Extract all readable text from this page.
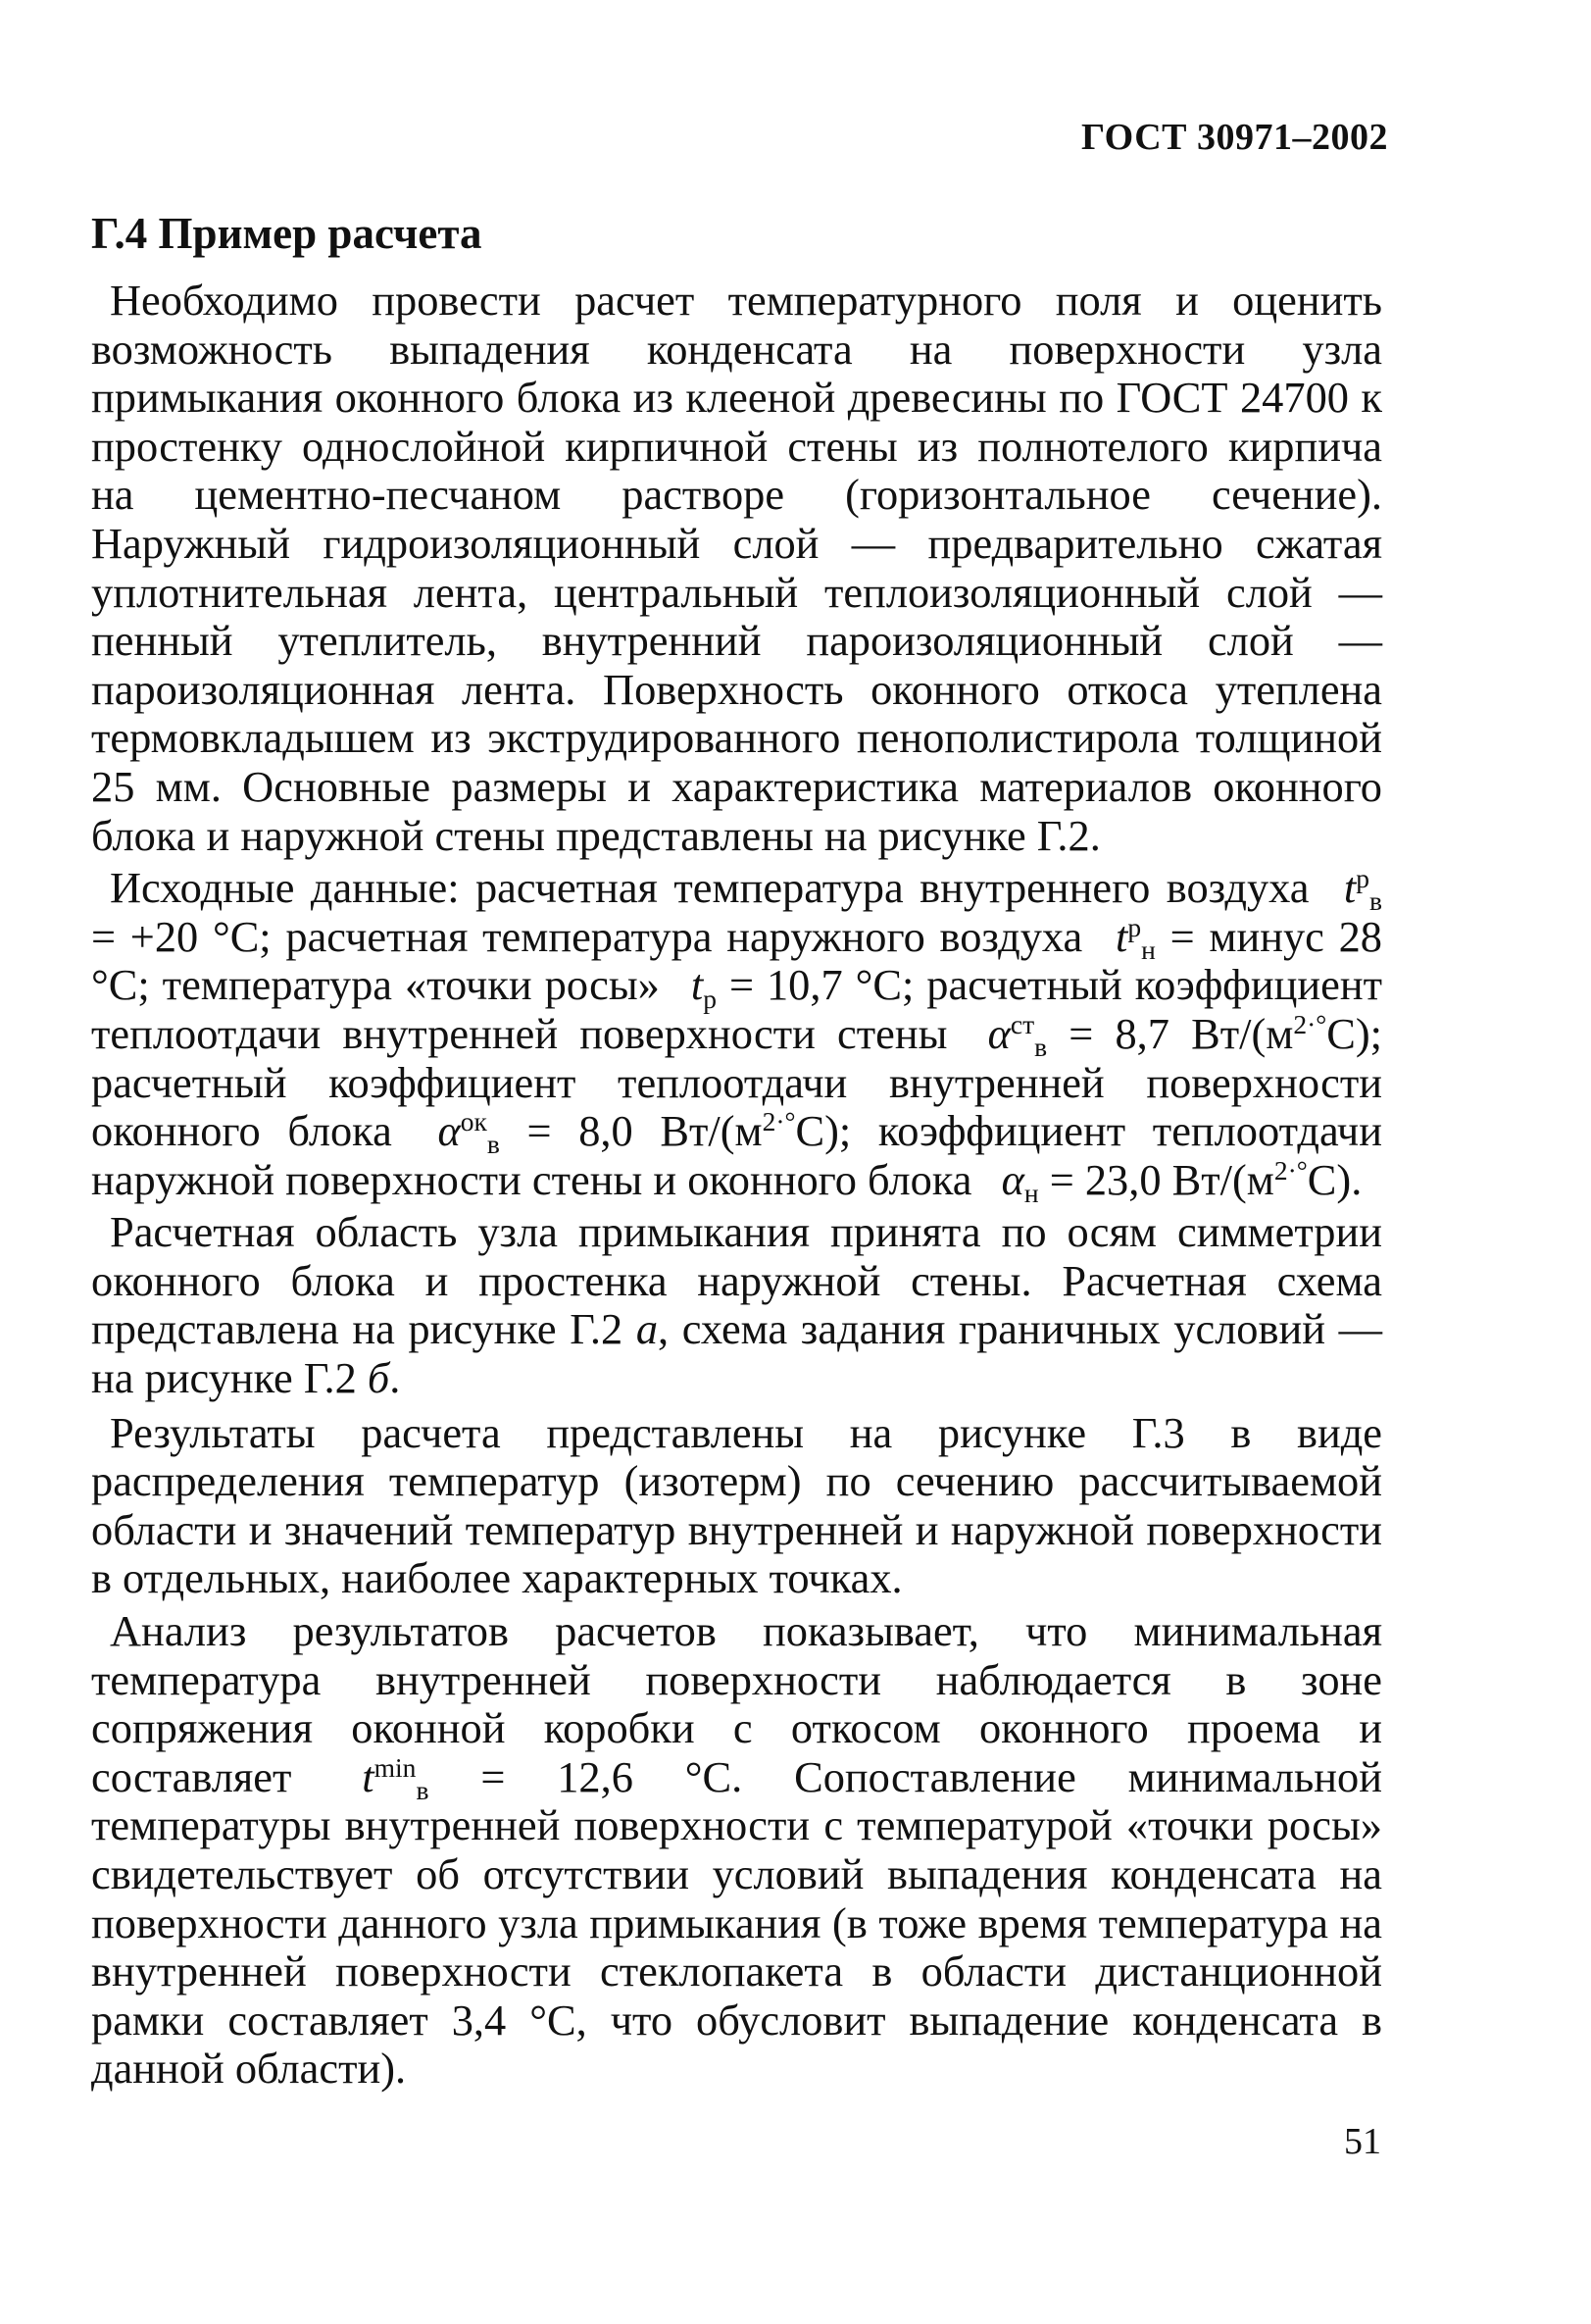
ГОСТ 30971–2002
Г.4 Пример расчета

Необходимо провести расчет температурного поля и оценить возможность выпадения конденсата на поверхности узла примыкания оконного блока из клееной древесины по ГОСТ 24700 к простенку однослойной кирпичной стены из полнотелого кирпича на цементно-песчаном растворе (горизонтальное сечение). Наружный гидроизоляционный слой — предварительно сжатая уплотнительная лента, центральный теплоизоляционный слой — пенный утеплитель, внутренний пароизоляционный слой — пароизоляционная лента. Поверхность оконного откоса утеплена термовкладышем из экструдированного пенополистирола толщиной 25 мм. Основные размеры и характеристика материалов оконного блока и наружной стены представлены на рисунке Г.2.

Исходные данные: расчетная температура внутреннего воздуха $t^р_в = +20$ °С; расчетная температура наружного воздуха $t^р_н$ = минус 28 °С; температура «точки росы» $t_р = 10,7$ °С; расчетный коэффициент теплоотдачи внутренней поверхности стены $\alpha^{ст}_в = 8,7$ $Вт/(м^{2\cdot^\circ}С)$; расчетный коэффициент теплоотдачи внутренней поверхности оконного блока $\alpha^{ок}_в = 8,0$ $Вт/(м^{2\cdot^\circ}С)$; коэффициент теплоотдачи наружной поверхности стены и оконного блока $\alpha_н = 23,0$ $Вт/(м^{2\cdot^\circ}С)$.

Расчетная область узла примыкания принята по осям симметрии оконного блока и простенка наружной стены. Расчетная схема представлена на рисунке Г.2 а, схема задания граничных условий — на рисунке Г.2 б.

Результаты расчета представлены на рисунке Г.3 в виде распределения температур (изотерм) по сечению рассчитываемой области и значений температур внутренней и наружной поверхности в отдельных, наиболее характерных точках.

Анализ результатов расчетов показывает, что минимальная температура внутренней поверхности наблюдается в зоне сопряжения оконной коробки с откосом оконного проема и составляет $t^{min}_в = 12,6$ °С. Сопоставление минимальной температуры внутренней поверхности с температурой «точки росы» свидетельствует об отсутствии условий выпадения конденсата на поверхности данного узла примыкания (в тоже время температура на внутренней поверхности стеклопакета в области дистанционной рамки составляет 3,4 °С, что обусловит выпадение конденсата в данной области).

51
